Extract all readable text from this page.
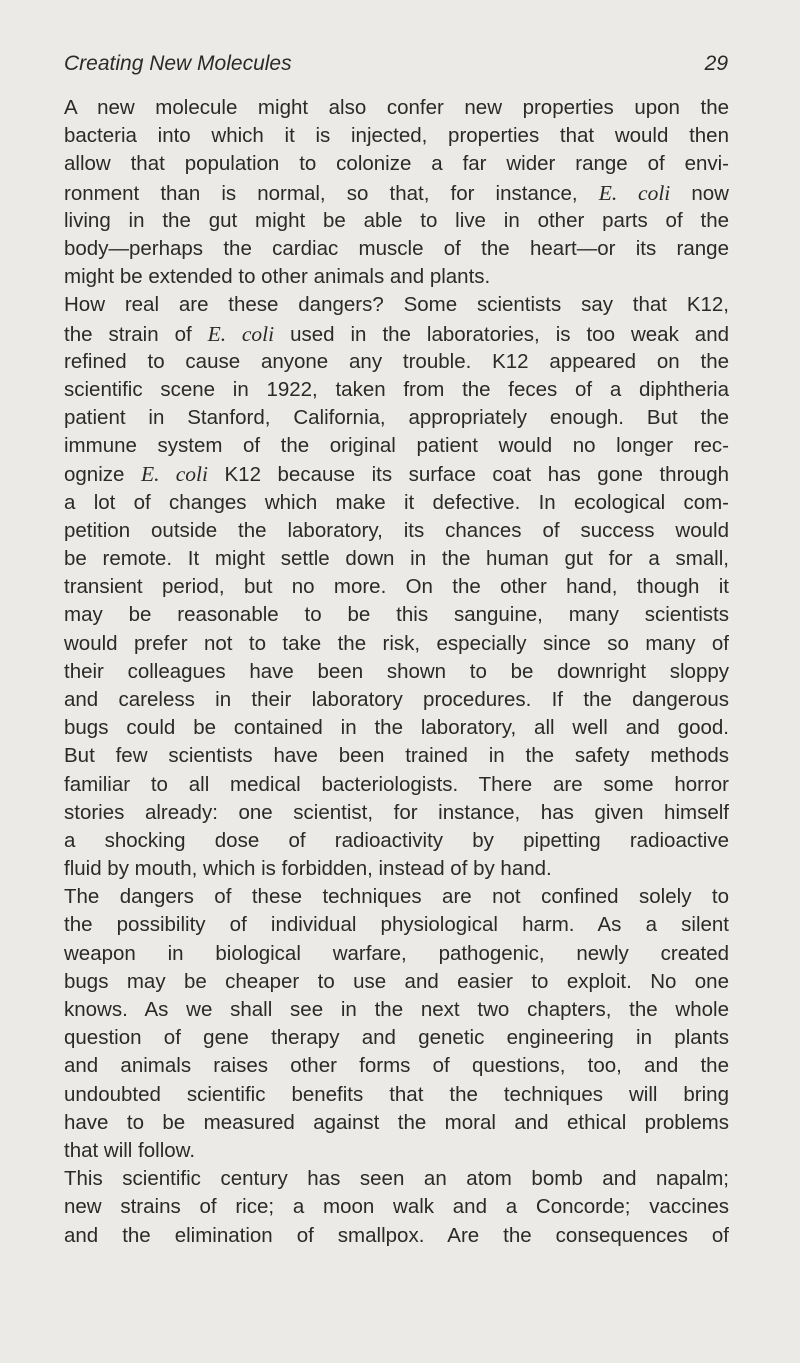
Creating New Molecules	29
A new molecule might also confer new properties upon the
bacteria into which it is injected, properties that would then
allow that population to colonize a far wider range of envi-
ronment than is normal, so that, for instance, E. coli now
living in the gut might be able to live in other parts of the
body—perhaps the cardiac muscle of the heart—or its range
might be extended to other animals and plants.
How real are these dangers? Some scientists say that K12,
the strain of E. coli used in the laboratories, is too weak and
refined to cause anyone any trouble. K12 appeared on the
scientific scene in 1922, taken from the feces of a diphtheria
patient in Stanford, California, appropriately enough. But the
immune system of the original patient would no longer rec-
ognize E. coli K12 because its surface coat has gone through
a lot of changes which make it defective. In ecological com-
petition outside the laboratory, its chances of success would
be remote. It might settle down in the human gut for a small,
transient period, but no more. On the other hand, though it
may be reasonable to be this sanguine, many scientists
would prefer not to take the risk, especially since so many of
their colleagues have been shown to be downright sloppy
and careless in their laboratory procedures. If the dangerous
bugs could be contained in the laboratory, all well and good.
But few scientists have been trained in the safety methods
familiar to all medical bacteriologists. There are some horror
stories already: one scientist, for instance, has given himself
a shocking dose of radioactivity by pipetting radioactive
fluid by mouth, which is forbidden, instead of by hand.
The dangers of these techniques are not confined solely to
the possibility of individual physiological harm. As a silent
weapon in biological warfare, pathogenic, newly created
bugs may be cheaper to use and easier to exploit. No one
knows. As we shall see in the next two chapters, the whole
question of gene therapy and genetic engineering in plants
and animals raises other forms of questions, too, and the
undoubted scientific benefits that the techniques will bring
have to be measured against the moral and ethical problems
that will follow.
This scientific century has seen an atom bomb and napalm;
new strains of rice; a moon walk and a Concorde; vaccines
and the elimination of smallpox. Are the consequences of
